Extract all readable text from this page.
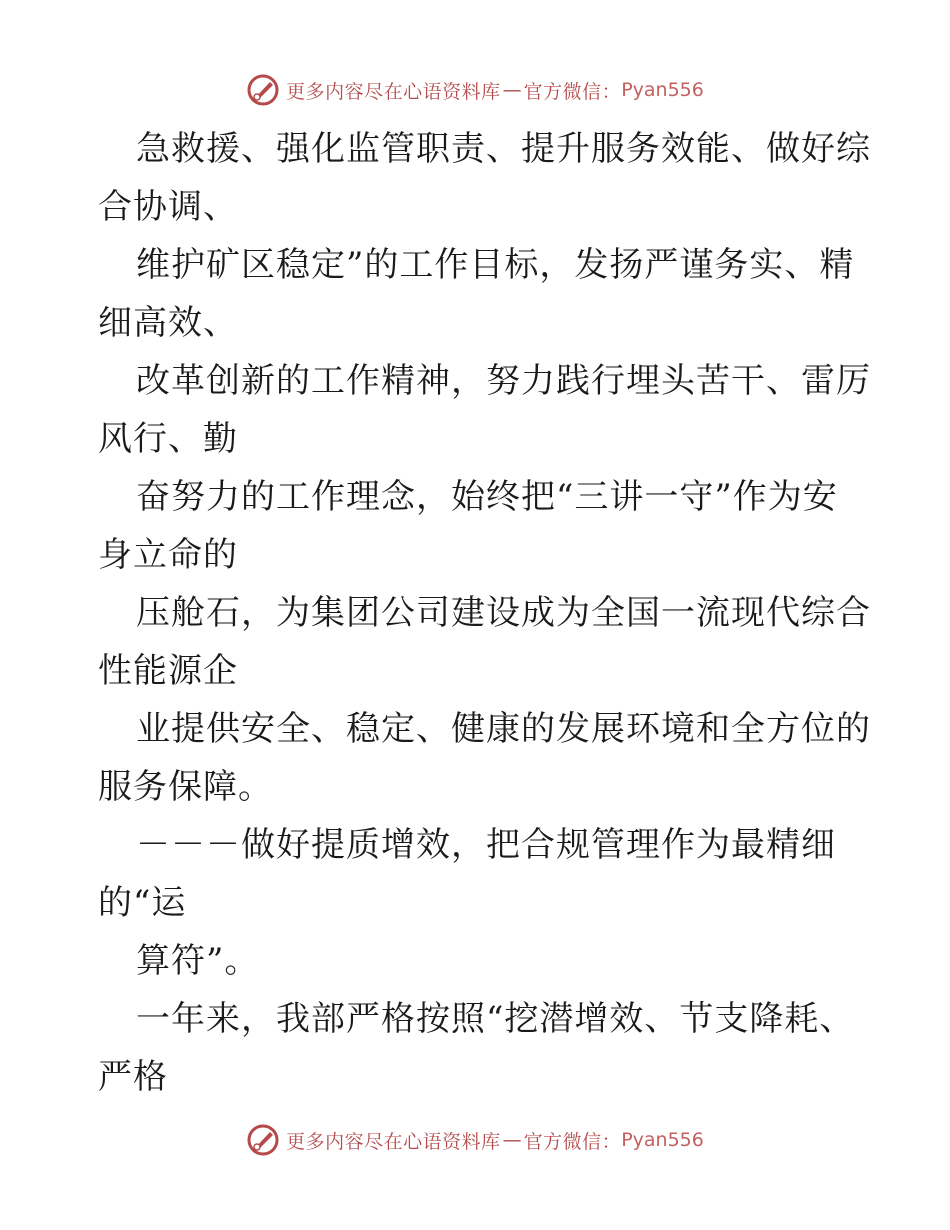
更多内容尽在心语资料库 — 官方微信： Pyan556
急救援、强化监管职责、提升服务效能、做好综
合协调、
维护矿区稳定”的工作目标，发扬严谨务实、精
细高效、
改革创新的工作精神，努力践行埋头苦干、雷厉
风行、勤
奋努力的工作理念，始终把“三讲一守”作为安
身立命的
压舱石，为集团公司建设成为全国一流现代综合
性能源企
业提供安全、稳定、健康的发展环境和全方位的
服务保障。
－－－做好提质增效，把合规管理作为最精细
的“运
算符”。
一年来，我部严格按照“挖潜增效、节支降耗、
严格
更多内容尽在心语资料库 — 官方微信： Pyan556
